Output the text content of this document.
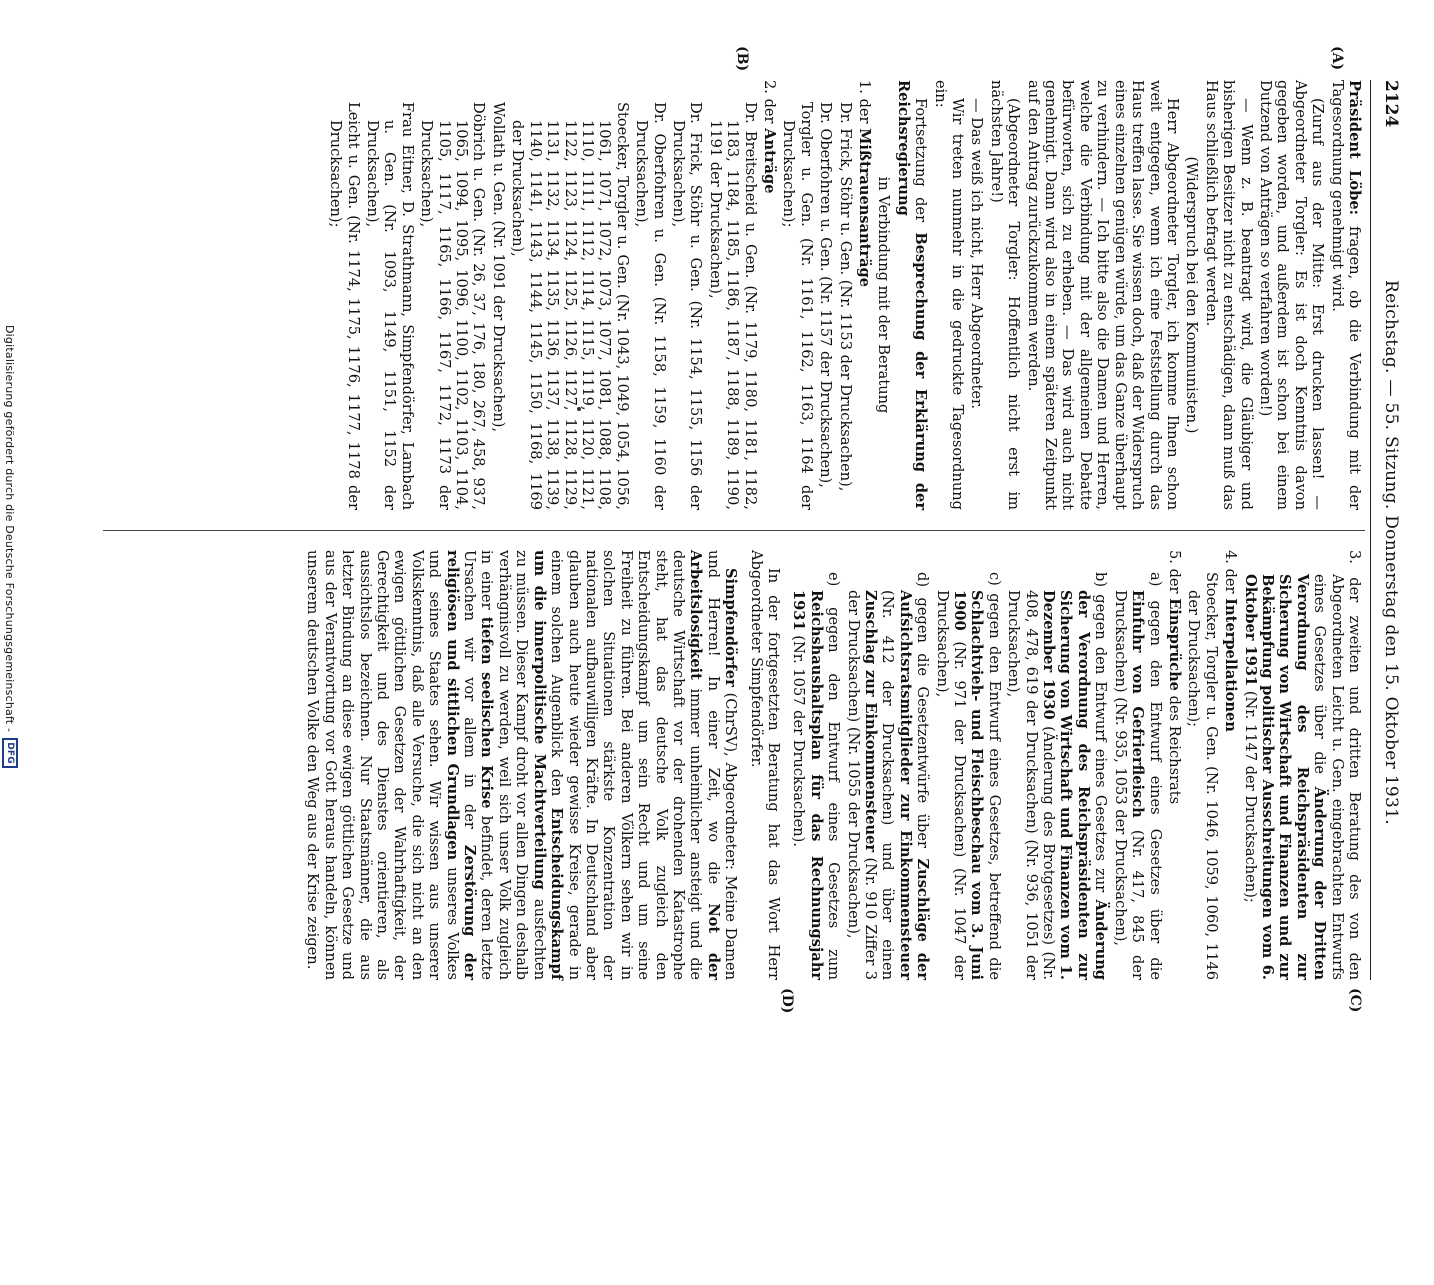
Digitalisierung gefördert durch die Deutsche Forschungsgemeinschaft -
DFG
2124
Reichstag. — 55. Sitzung. Donnerstag den 15. Oktober 1931.
(A)
(B)
(C)
(D)

Präsident Löbe: fragen, ob die Verbindung mit der Tagesordnung genehmigt wird.

(Zuruf aus der Mitte: Erst drucken lassen! — Abgeordneter Torgler: Es ist doch Kenntnis davon gegeben worden, und außerdem ist schon bei einem Dutzend von Anträgen so verfahren worden!)

— Wenn z. B. beantragt wird, die Gläubiger und bisherigen Besitzer nicht zu entschädigen, dann muß das Haus schließlich befragt werden.

(Widerspruch bei den Kommunisten.)

Herr Abgeordneter Torgler, ich komme Ihnen schon weit entgegen, wenn ich eine Feststellung durch das Haus treffen lasse. Sie wissen doch, daß der Widerspruch eines einzelnen genügen würde, um das Ganze überhaupt zu verhindern. — Ich bitte also die Damen und Herren, welche die Verbindung mit der allgemeinen Debatte befürworten, sich zu erheben. — Das wird auch nicht genehmigt. Dann wird also in einem späteren Zeitpunkt auf den Antrag zurückzukommen werden.

(Abgeordneter Torgler: Hoffentlich nicht erst im nächsten Jahre!)

— Das weiß ich nicht, Herr Abgeordneter.

Wir treten nunmehr in die gedruckte Tagesordnung ein:

Fortsetzung der Besprechung der Erklärung der Reichsregierung

in Verbindung mit der Beratung

1. der Mißtrauensanträge

Dr. Frick, Stöhr u. Gen. (Nr. 1153 der Drucksachen),

Dr. Oberfohren u. Gen. (Nr. 1157 der Drucksachen),

Torgler u. Gen. (Nr. 1161, 1162, 1163, 1164 der Drucksachen);

2. der Anträge

Dr. Breitscheid u. Gen. (Nr. 1179, 1180, 1181, 1182, 1183, 1184, 1185, 1186, 1187, 1188, 1189, 1190, 1191 der Drucksachen),

Dr. Frick, Stöhr u. Gen. (Nr. 1154, 1155, 1156 der Drucksachen),

Dr. Oberfohren u. Gen. (Nr. 1158, 1159, 1160 der Drucksachen),

Stoecker, Torgler u. Gen. (Nr. 1043, 1049, 1054, 1056, 1061, 1071, 1072, 1073, 1077, 1081, 1088, 1108, 1110, 1111, 1112, 1114, 1115, 1119, 1120, 1121, 1122, 1123, 1124, 1125, 1126, 1127, 1128, 1129, 1131, 1132, 1134, 1135, 1136, 1137, 1138, 1139, 1140, 1141, 1143, 1144, 1145, 1150, 1168, 1169 der Drucksachen),

Wollath u. Gen. (Nr. 1091 der Drucksachen),

Döbrich u. Gen. (Nr. 26, 37, 176, 180, 267, 458, 937, 1065, 1094, 1095, 1096, 1100, 1102, 1103, 1104, 1105, 1117, 1165, 1166, 1167, 1172, 1173 der Drucksachen),

Frau Eitner, D. Strathmann, Simpfendörfer, Lambach u. Gen. (Nr. 1093, 1149, 1151, 1152 der Drucksachen),

Leicht u. Gen. (Nr. 1174, 1175, 1176, 1177, 1178 der Drucksachen);

3. der zweiten und dritten Beratung des von den Abgeordneten Leicht u. Gen. eingebrachten Entwurfs eines Gesetzes über die Änderung der Dritten Verordnung des Reichspräsidenten zur Sicherung von Wirtschaft und Finanzen und zur Bekämpfung politischer Ausschreitungen vom 6. Oktober 1931 (Nr. 1147 der Drucksachen);

4. der Interpellationen

Stoecker, Torgler u. Gen. (Nr. 1046, 1059, 1060, 1146 der Drucksachen);

5. der Einsprüche des Reichsrats

a) gegen den Entwurf eines Gesetzes über die Einfuhr von Gefrierfleisch (Nr. 417, 845 der Drucksachen) (Nr. 935, 1053 der Drucksachen),

b) gegen den Entwurf eines Gesetzes zur Änderung der Verordnung des Reichspräsidenten zur Sicherung von Wirtschaft und Finanzen vom 1. Dezember 1930 (Änderung des Brotgesetzes) (Nr. 408, 478, 619 der Drucksachen) (Nr. 936, 1051 der Drucksachen),

c) gegen den Entwurf eines Gesetzes, betreffend die Schlachtvieh- und Fleischbeschau vom 3. Juni 1900 (Nr. 971 der Drucksachen) (Nr. 1047 der Drucksachen),

d) gegen die Gesetzentwürfe über Zuschläge der Aufsichtsratsmitglieder zur Einkommensteuer (Nr. 412 der Drucksachen) und über einen Zuschlag zur Einkommensteuer (Nr. 910 Ziffer 3 der Drucksachen) (Nr. 1055 der Drucksachen),

e) gegen den Entwurf eines Gesetzes zum Reichshaushaltsplan für das Rechnungsjahr 1931 (Nr. 1057 der Drucksachen).

In der fortgesetzten Beratung hat das Wort Herr Abgeordneter Simpfendörfer.

Simpfendörfer (ChrSV), Abgeordneter: Meine Damen und Herren! In einer Zeit, wo die Not der Arbeitslosigkeit immer unheimlicher ansteigt und die deutsche Wirtschaft vor der drohenden Katastrophe steht, hat das deutsche Volk zugleich den Entscheidungskampf um sein Recht und um seine Freiheit zu führen. Bei anderen Völkern sehen wir in solchen Situationen stärkste Konzentration der nationalen aufbauwilligen Kräfte. In Deutschland aber glauben auch heute wieder gewisse Kreise, gerade in einem solchen Augenblick den Entscheidungskampf um die innerpolitische Machtverteilung ausfechten zu müssen. Dieser Kampf droht vor allen Dingen deshalb verhängnisvoll zu werden, weil sich unser Volk zugleich in einer tiefen seelischen Krise befindet, deren letzte Ursachen wir vor allem in der Zerstörung der religiösen und sittlichen Grundlagen unseres Volkes und seines Staates sehen. Wir wissen aus unserer Volkskenntnis, daß alle Versuche, die sich nicht an den ewigen göttlichen Gesetzen der Wahrhaftigkeit, der Gerechtigkeit und des Dienstes orientieren, als aussichtslos bezeichnen. Nur Staatsmänner, die aus letzter Bindung an diese ewigen göttlichen Gesetze und aus der Verantwortung vor Gott heraus handeln, können unserem deutschen Volke den Weg aus der Krise zeigen.
